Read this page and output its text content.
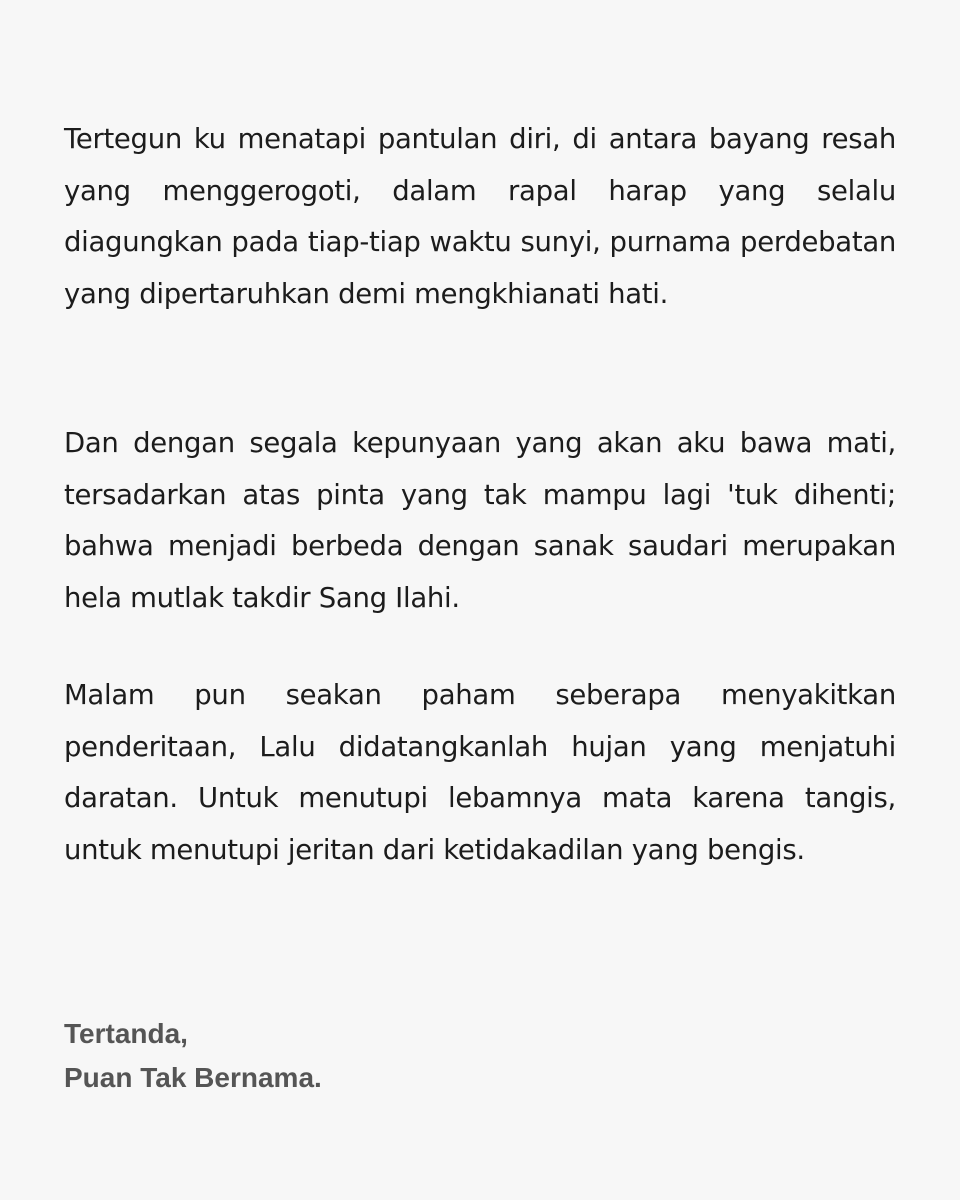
Tertegun ku menatapi pantulan diri, di antara bayang resah yang menggerogoti, dalam rapal harap yang selalu diagungkan pada tiap-tiap waktu sunyi, purnama perdebatan yang dipertaruhkan demi mengkhianati hati.

Dan dengan segala kepunyaan yang akan aku bawa mati, tersadarkan atas pinta yang tak mampu lagi 'tuk dihenti; bahwa menjadi berbeda dengan sanak saudari merupakan hela mutlak takdir Sang Ilahi.

Malam pun seakan paham seberapa menyakitkan penderitaan, Lalu didatangkanlah hujan yang menjatuhi daratan. Untuk menutupi lebamnya mata karena tangis, untuk menutupi jeritan dari ketidakadilan yang bengis.

Tertanda,
Puan Tak Bernama.
